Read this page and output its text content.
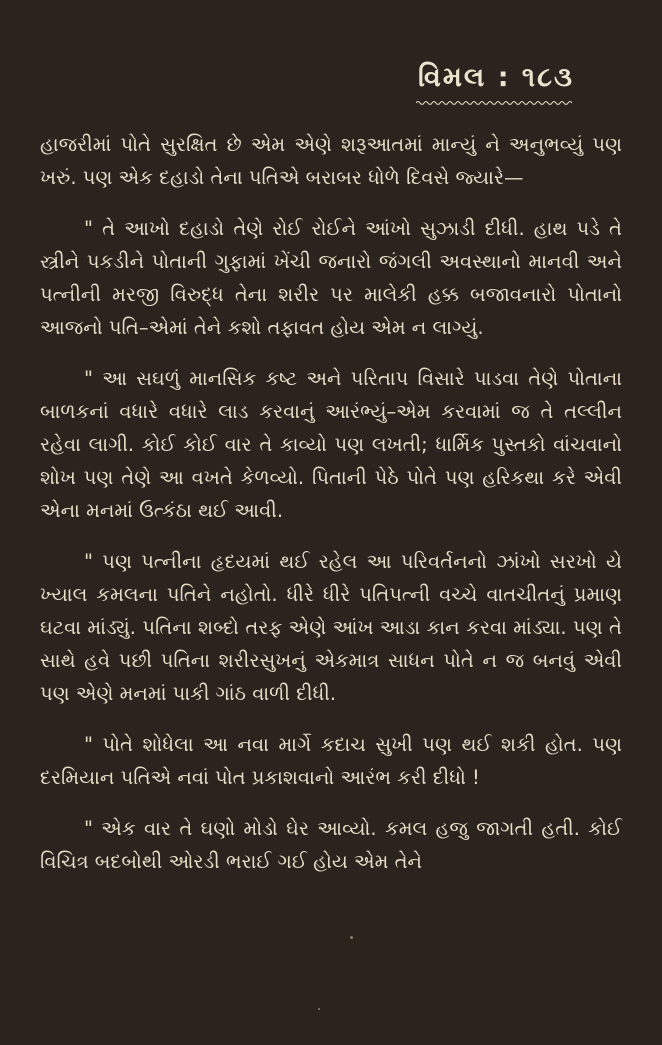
વિમલ : ૧૮૩

હાજરીમાં પોતે સુરક્ષિત છે એમ એણે શરૂઆતમાં માન્યું ને અનુભવ્યું પણ ખરું. પણ એક દહાડો તેના પતિએ બરાબર ધોળે દિવસે જ્યારે—

" તે આખો દહાડો તેણે રોઈ રોઈને આંખો સુઝાડી દીધી. હાથ પડે તે સ્ત્રીને પકડીને પોતાની ગુફામાં ખેંચી જનારો જંગલી અવસ્થાનો માનવી અને પત્નીની મરજી વિરુદ્ધ તેના શરીર પર માલેકી હક્ક બજાવનારો પોતાનો આજનો પતિ–એમાં તેને કશો તફાવત હોય એમ ન લાગ્યું.

" આ સઘળું માનસિક કષ્ટ અને પરિતાપ વિસારે પાડવા તેણે પોતાના બાળકનાં વધારે વધારે લાડ કરવાનું આરંભ્યું–એમ કરવામાં જ તે તલ્લીન રહેવા લાગી. કોઈ કોઈ વાર તે કાવ્યો પણ લખતી; ધાર્મિક પુસ્તકો વાંચવાનો શોખ પણ તેણે આ વખતે કેળવ્યો. પિતાની પેઠે પોતે પણ હરિકથા કરે એવી એના મનમાં ઉત્કંઠા થઈ આવી.

" પણ પત્નીના હૃદયમાં થઈ રહેલ આ પરિવર્તનનો ઝાંખો સરખો યે ખ્યાલ કમલના પતિને નહોતો. ધીરે ધીરે પતિપત્ની વચ્ચે વાતચીતનું પ્રમાણ ઘટવા માંડ્યું. પતિના શબ્દો તરફ એણે આંખ આડા કાન કરવા માંડ્યા. પણ તે સાથે હવે પછી પતિના શરીરસુખનું એકમાત્ર સાધન પોતે ન જ બનવું એવી પણ એણે મનમાં પાકી ગાંઠ વાળી દીધી.

" પોતે શોધેલા આ નવા માર્ગે કદાચ સુખી પણ થઈ શકી હોત. પણ દરમિયાન પતિએ નવાં પોત પ્રકાશવાનો આરંભ કરી દીધો !

" એક વાર તે ઘણો મોડો ઘેર આવ્યો. કમલ હજુ જાગતી હતી. કોઈ વિચિત્ર બદબોથી ઓરડી ભરાઈ ગઈ હોય એમ તેને
